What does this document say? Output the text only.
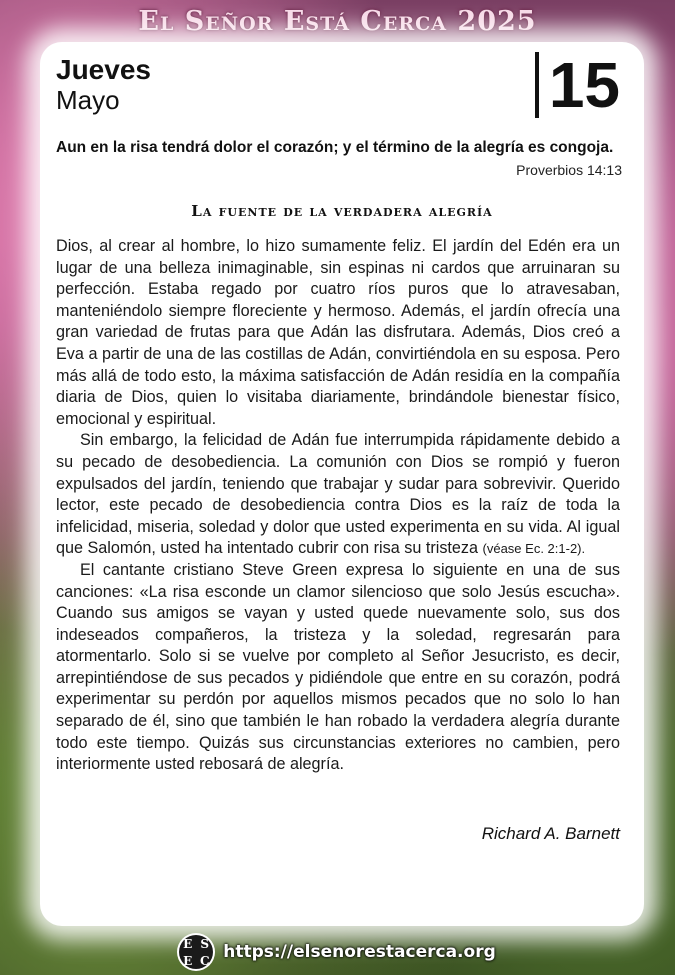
El Señor Está Cerca 2025
Jueves
Mayo	15
Aun en la risa tendrá dolor el corazón; y el término de la alegría es congoja.
Proverbios 14:13
La fuente de la verdadera alegría

Dios, al crear al hombre, lo hizo sumamente feliz. El jardín del Edén era un lugar de una belleza inimaginable, sin espinas ni cardos que arruinaran su perfección. Estaba regado por cuatro ríos puros que lo atravesaban, manteniéndolo siempre floreciente y hermoso. Además, el jardín ofrecía una gran variedad de frutas para que Adán las disfrutara. Además, Dios creó a Eva a partir de una de las costillas de Adán, convirtiéndola en su esposa. Pero más allá de todo esto, la máxima satisfacción de Adán residía en la compañía diaria de Dios, quien lo visitaba diariamente, brindándole bienestar físico, emocional y espiritual.

Sin embargo, la felicidad de Adán fue interrumpida rápidamente debido a su pecado de desobediencia. La comunión con Dios se rompió y fueron expulsados del jardín, teniendo que trabajar y sudar para sobrevivir. Querido lector, este pecado de desobediencia contra Dios es la raíz de toda la infelicidad, miseria, soledad y dolor que usted experimenta en su vida. Al igual que Salomón, usted ha intentado cubrir con risa su tristeza (véase Ec. 2:1-2).

El cantante cristiano Steve Green expresa lo siguiente en una de sus canciones: «La risa esconde un clamor silencioso que solo Jesús escucha». Cuando sus amigos se vayan y usted quede nuevamente solo, sus dos indeseados compañeros, la tristeza y la soledad, regresarán para atormentarlo. Solo si se vuelve por completo al Señor Jesucristo, es decir, arrepintiéndose de sus pecados y pidiéndole que entre en su corazón, podrá experimentar su perdón por aquellos mismos pecados que no solo lo han separado de él, sino que también le han robado la verdadera alegría durante todo este tiempo. Quizás sus circunstancias exteriores no cambien, pero interiormente usted rebosará de alegría.

Richard A. Barnett
E S
E C https://elsenorestacerca.org
